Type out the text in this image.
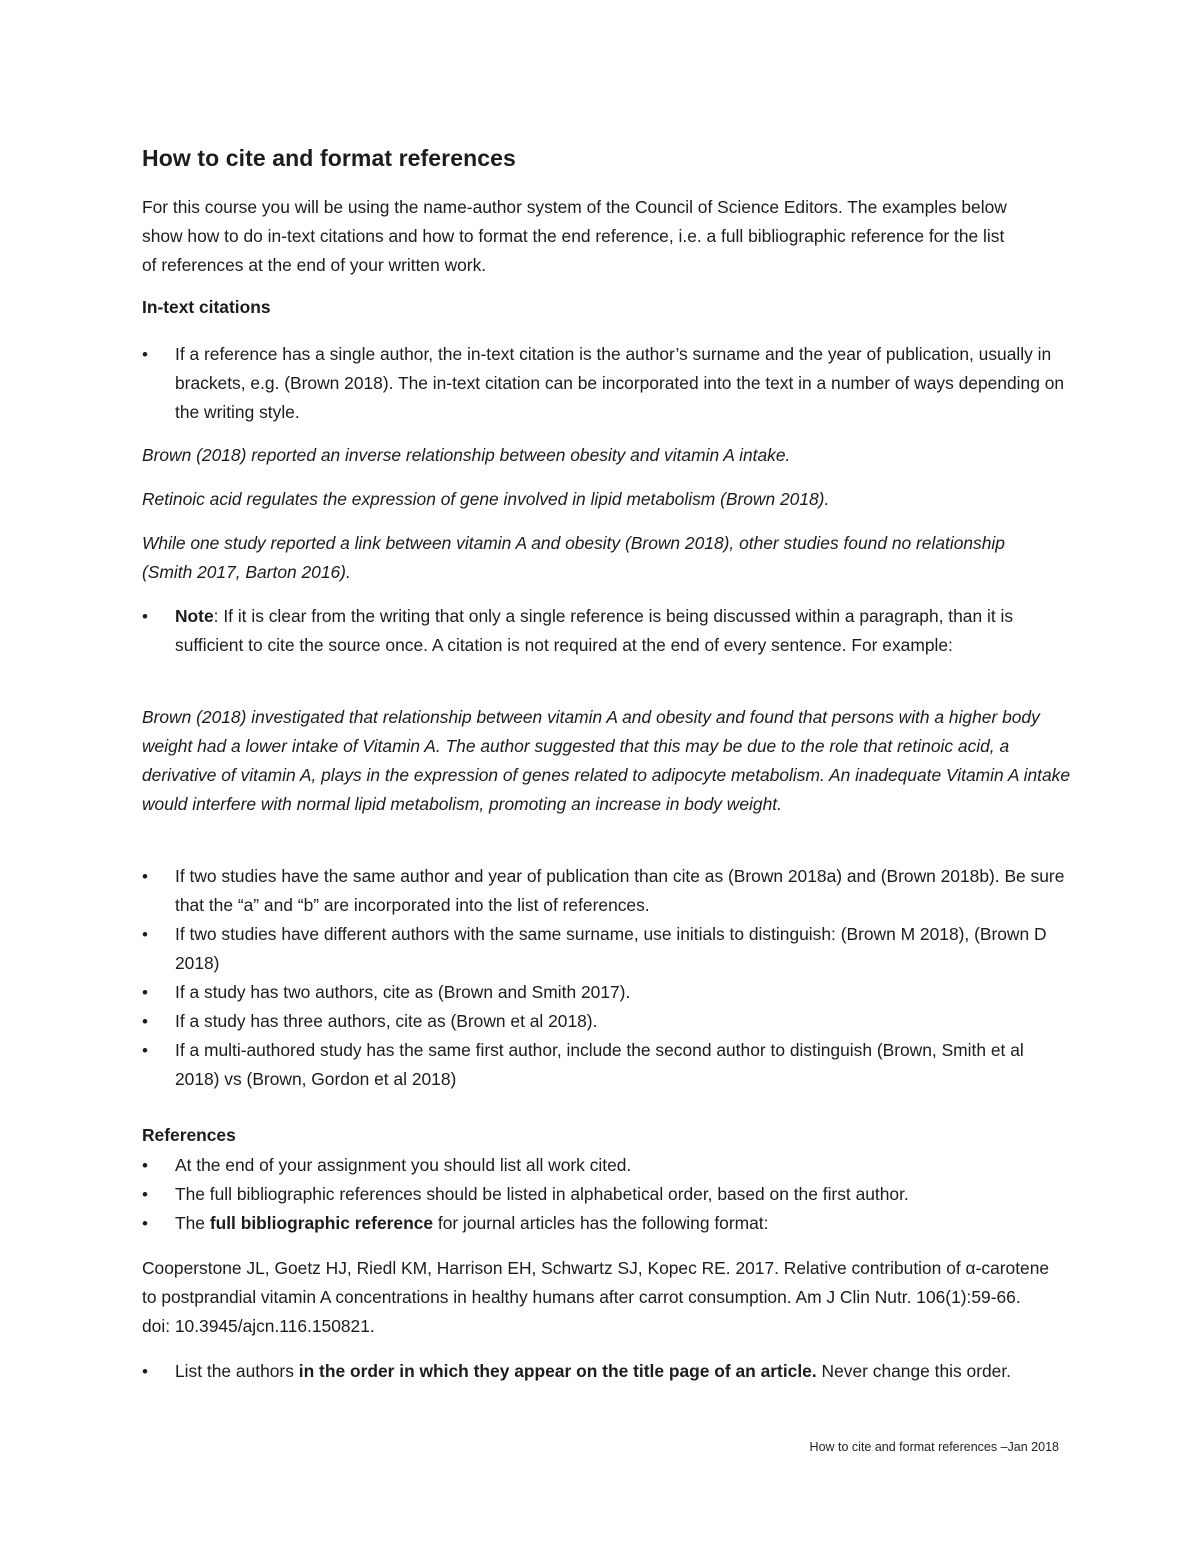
How to cite and format references

For this course you will be using the name-author system of the Council of Science Editors. The examples below show how to do in-text citations and how to format the end reference, i.e. a full bibliographic reference for the list of references at the end of your written work.

In-text citations

• If a reference has a single author, the in-text citation is the author’s surname and the year of publication, usually in brackets, e.g. (Brown 2018). The in-text citation can be incorporated into the text in a number of ways depending on the writing style.

Brown (2018) reported an inverse relationship between obesity and vitamin A intake.

Retinoic acid regulates the expression of gene involved in lipid metabolism (Brown 2018).

While one study reported a link between vitamin A and obesity (Brown 2018), other studies found no relationship (Smith 2017, Barton 2016).

• Note: If it is clear from the writing that only a single reference is being discussed within a paragraph, than it is sufficient to cite the source once. A citation is not required at the end of every sentence. For example:

Brown (2018) investigated that relationship between vitamin A and obesity and found that persons with a higher body weight had a lower intake of Vitamin A. The author suggested that this may be due to the role that retinoic acid, a derivative of vitamin A, plays in the expression of genes related to adipocyte metabolism. An inadequate Vitamin A intake would interfere with normal lipid metabolism, promoting an increase in body weight.

• If two studies have the same author and year of publication than cite as (Brown 2018a) and (Brown 2018b). Be sure that the “a” and “b” are incorporated into the list of references.
• If two studies have different authors with the same surname, use initials to distinguish: (Brown M 2018), (Brown D 2018)
• If a study has two authors, cite as (Brown and Smith 2017).
• If a study has three authors, cite as (Brown et al 2018).
• If a multi-authored study has the same first author, include the second author to distinguish (Brown, Smith et al 2018) vs (Brown, Gordon et al 2018)

References

• At the end of your assignment you should list all work cited.
• The full bibliographic references should be listed in alphabetical order, based on the first author.
• The full bibliographic reference for journal articles has the following format:

Cooperstone JL, Goetz HJ, Riedl KM, Harrison EH, Schwartz SJ, Kopec RE. 2017. Relative contribution of α-carotene to postprandial vitamin A concentrations in healthy humans after carrot consumption. Am J Clin Nutr. 106(1):59-66. doi: 10.3945/ajcn.116.150821.

• List the authors in the order in which they appear on the title page of an article. Never change this order.
How to cite and format references –Jan 2018
